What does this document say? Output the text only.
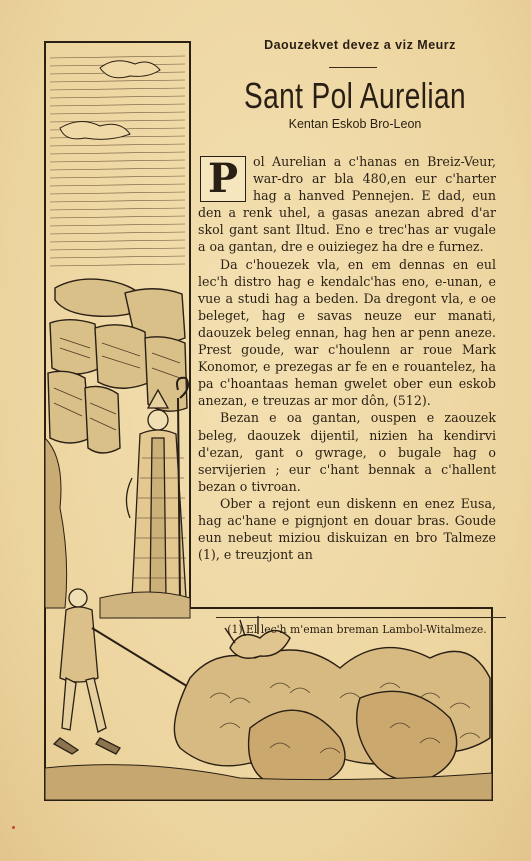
Daouzekvet devez a viz Meurz
Sant Pol Aurelian
Kentan Eskob Bro-Leon

P	ol Aurelian a c'hanas en Breiz-Veur, war-dro ar bla 480,en eur c'harter hag a hanved Pennejen. E dad, eun den a renk uhel, a gasas anezan abred d'ar skol gant sant Iltud. Eno e trec'has ar vugale a oa gantan, dre e ouiziegez ha dre e furnez.

Da c'houezek vla, en em dennas en eul lec'h distro hag e kendalc'has eno, e-unan, e vue a studi hag a beden. Da dregont vla, e oe beleget, hag e savas neuze eur manati, daouzek beleg ennan, hag hen ar penn aneze. Prest goude, war c'houlenn ar roue Mark Konomor, e prezegas ar fe en e rouantelez, ha pa c'hoantaas heman gwelet ober eun eskob anezan, e treuzas ar mor dôn, (512).

Bezan e oa gantan, ouspen e zaouzek beleg, daouzek dijentil, nizien ha kendirvi d'ezan, gant o gwrage, o bugale hag o servijerien ; eur c'hant bennak a c'hallent bezan o tivroan.

Ober a rejont eun diskenn en enez Eusa, hag ac'hane e pignjont en douar bras. Goude eun nebeut miziou diskuizan en bro Talmeze (1), e treuzjont an

(1) El lec'h m'eman breman Lambol-Witalmeze.
